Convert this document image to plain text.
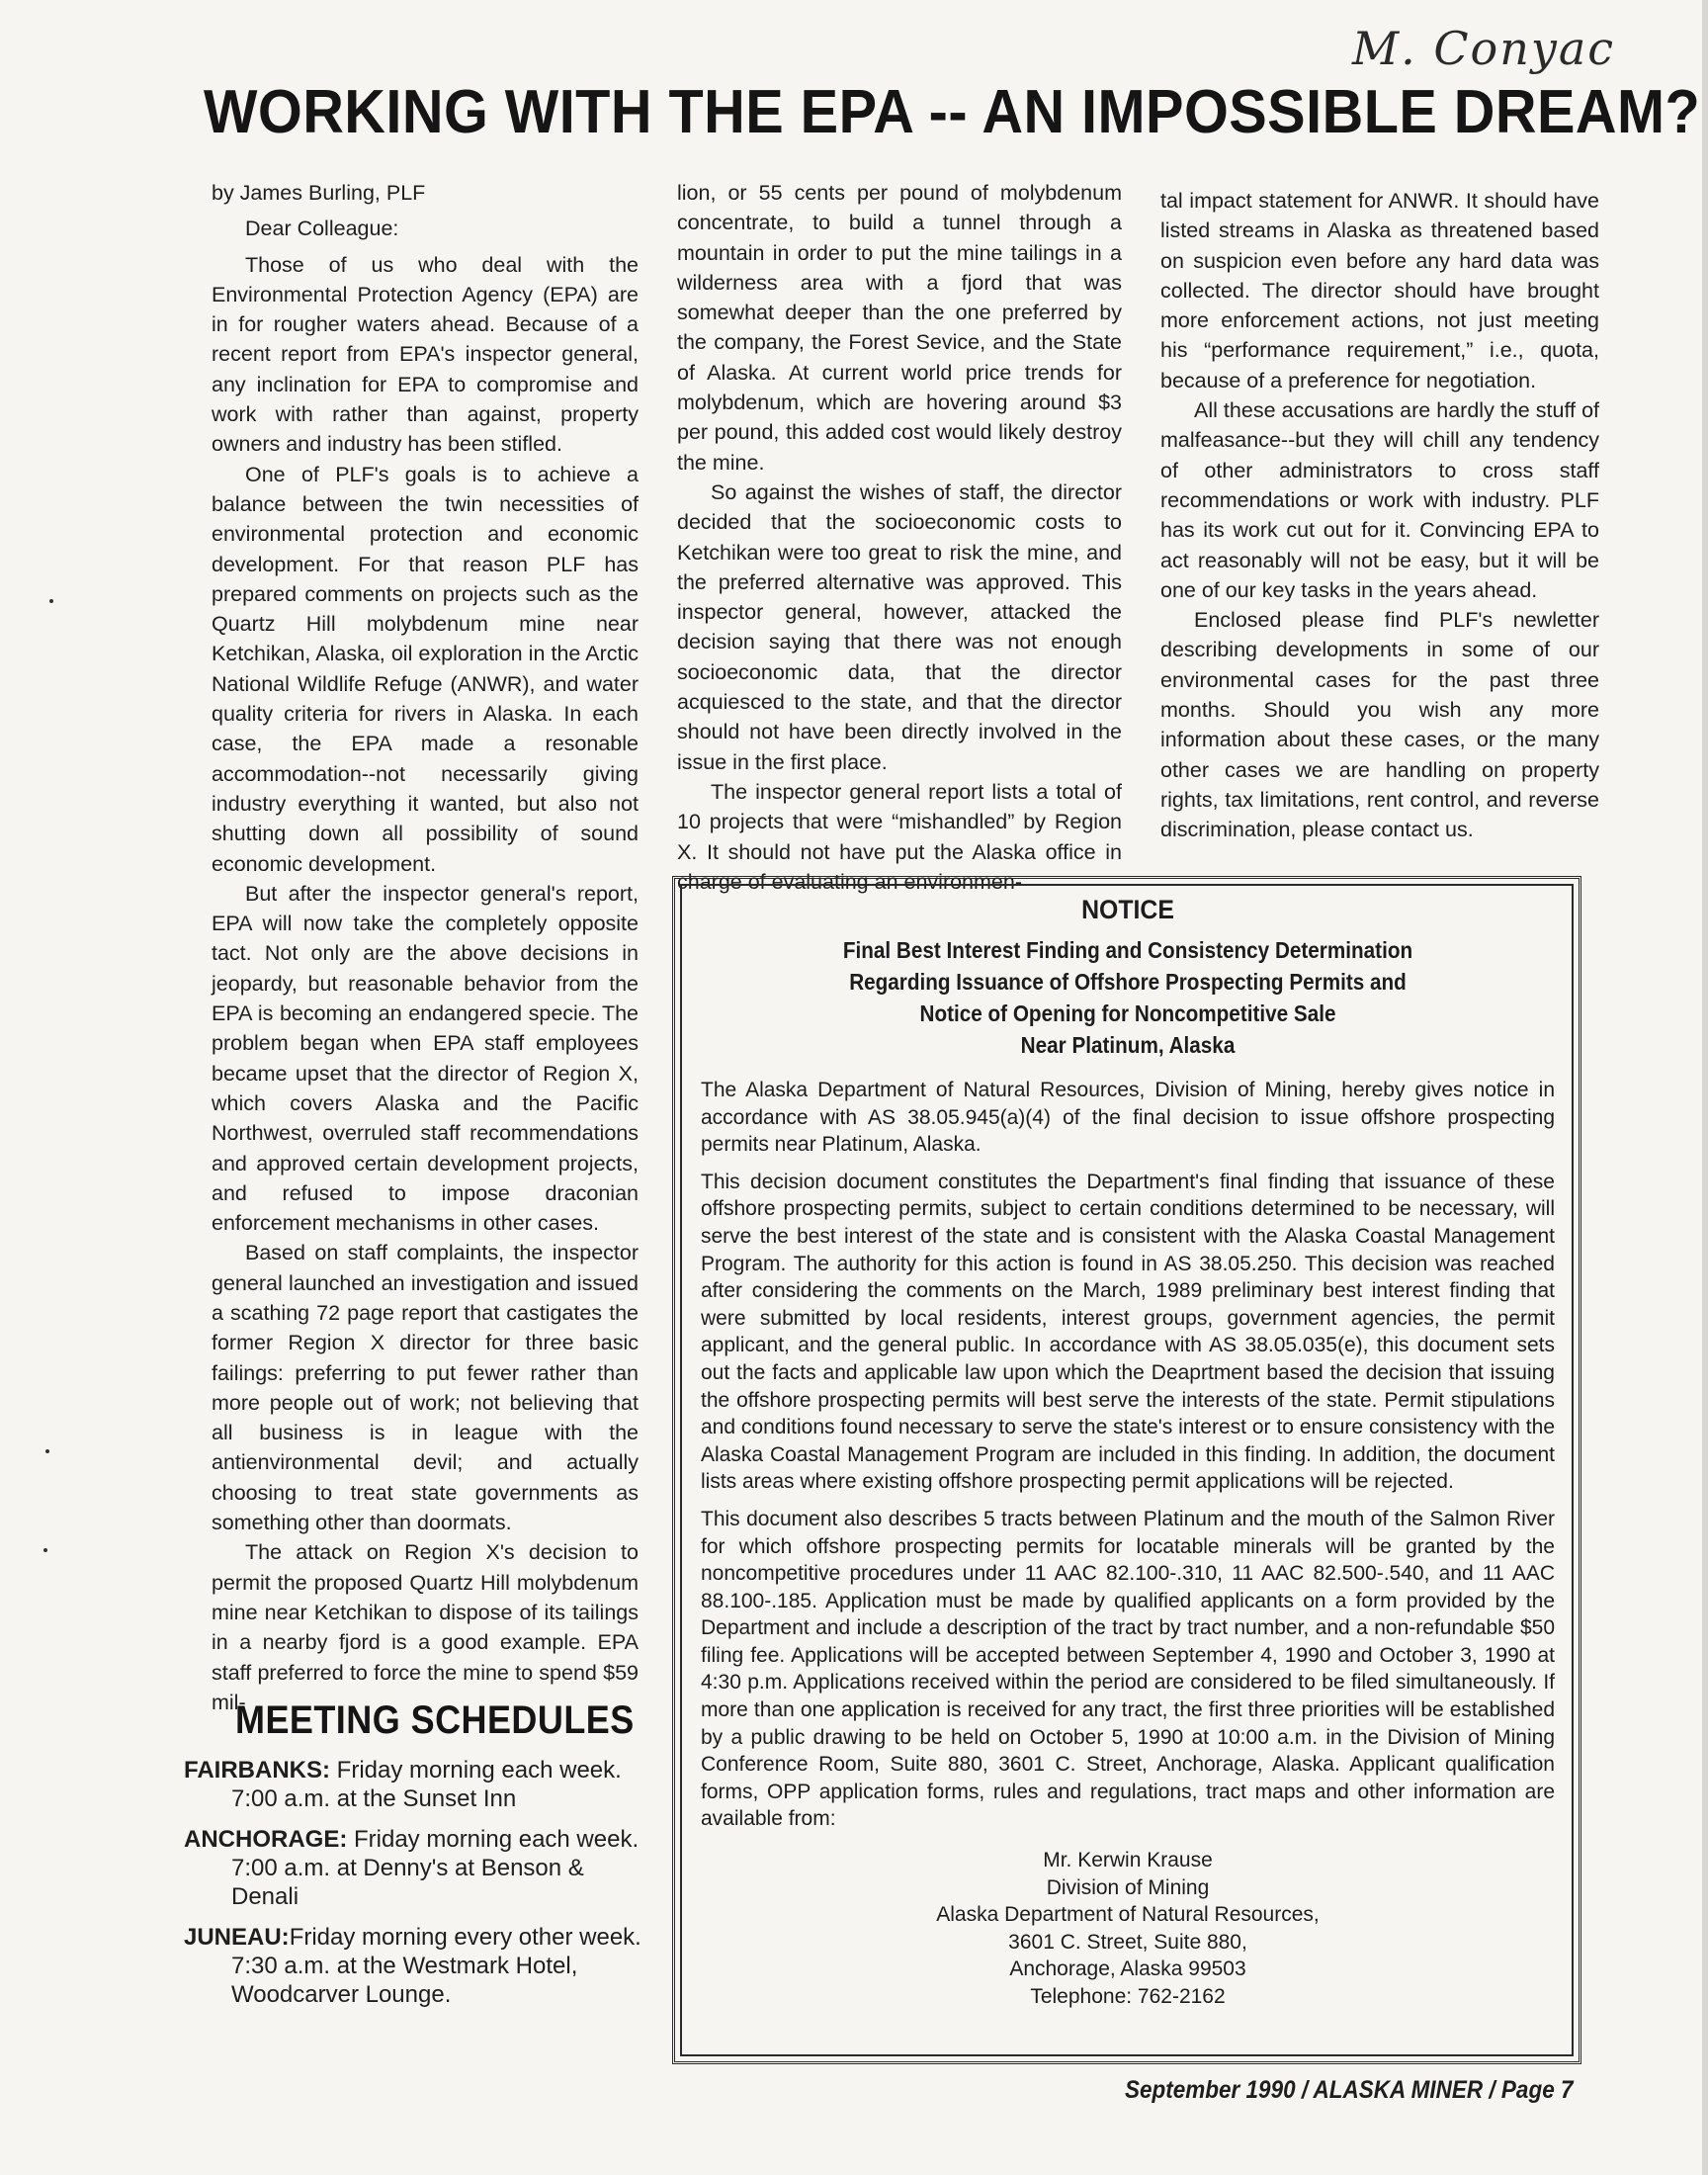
M. Conyac
WORKING WITH THE EPA -- AN IMPOSSIBLE DREAM?

by James Burling, PLF

Dear Colleague:

Those of us who deal with the Environmental Protection Agency (EPA) are in for rougher waters ahead. Because of a recent report from EPA's inspector general, any inclination for EPA to compromise and work with rather than against, property owners and industry has been stifled.

One of PLF's goals is to achieve a balance between the twin necessities of environmental protection and economic development. For that reason PLF has prepared comments on projects such as the Quartz Hill molybdenum mine near Ketchikan, Alaska, oil exploration in the Arctic National Wildlife Refuge (ANWR), and water quality criteria for rivers in Alaska. In each case, the EPA made a resonable accommodation--not necessarily giving industry everything it wanted, but also not shutting down all possibility of sound economic development.

But after the inspector general's report, EPA will now take the completely opposite tact. Not only are the above decisions in jeopardy, but reasonable behavior from the EPA is becoming an endangered specie. The problem began when EPA staff employees became upset that the director of Region X, which covers Alaska and the Pacific Northwest, overruled staff recommendations and approved certain development projects, and refused to impose draconian enforcement mechanisms in other cases.

Based on staff complaints, the inspector general launched an investigation and issued a scathing 72 page report that castigates the former Region X director for three basic failings: preferring to put fewer rather than more people out of work; not believing that all business is in league with the antienvironmental devil; and actually choosing to treat state governments as something other than doormats.

The attack on Region X's decision to permit the proposed Quartz Hill molybdenum mine near Ketchikan to dispose of its tailings in a nearby fjord is a good example. EPA staff preferred to force the mine to spend $59 mil-

lion, or 55 cents per pound of molybdenum concentrate, to build a tunnel through a mountain in order to put the mine tailings in a wilderness area with a fjord that was somewhat deeper than the one preferred by the company, the Forest Sevice, and the State of Alaska. At current world price trends for molybdenum, which are hovering around $3 per pound, this added cost would likely destroy the mine.

So against the wishes of staff, the director decided that the socioeconomic costs to Ketchikan were too great to risk the mine, and the preferred alternative was approved. This inspector general, however, attacked the decision saying that there was not enough socioeconomic data, that the director acquiesced to the state, and that the director should not have been directly involved in the issue in the first place.

The inspector general report lists a total of 10 projects that were “mishandled” by Region X. It should not have put the Alaska office in charge of evaluating an environmen-

tal impact statement for ANWR. It should have listed streams in Alaska as threatened based on suspicion even before any hard data was collected. The director should have brought more enforcement actions, not just meeting his “performance requirement,” i.e., quota, because of a preference for negotiation.

All these accusations are hardly the stuff of malfeasance--but they will chill any tendency of other administrators to cross staff recommendations or work with industry. PLF has its work cut out for it. Convincing EPA to act reasonably will not be easy, but it will be one of our key tasks in the years ahead.

Enclosed please find PLF's newletter describing developments in some of our environmental cases for the past three months. Should you wish any more information about these cases, or the many other cases we are handling on property rights, tax limitations, rent control, and reverse discrimination, please contact us.

MEETING SCHEDULES
FAIRBANKS: Friday morning each week.
7:00 a.m. at the Sunset Inn
ANCHORAGE: Friday morning each week.
7:00 a.m. at Denny's at Benson & Denali
JUNEAU:Friday morning every other week.
7:30 a.m. at the Westmark Hotel, Woodcarver Lounge.
NOTICE
Final Best Interest Finding and Consistency Determination
Regarding Issuance of Offshore Prospecting Permits and
Notice of Opening for Noncompetitive Sale
Near Platinum, Alaska

The Alaska Department of Natural Resources, Division of Mining, hereby gives notice in accordance with AS 38.05.945(a)(4) of the final decision to issue offshore prospecting permits near Platinum, Alaska.

This decision document constitutes the Department's final finding that issuance of these offshore prospecting permits, subject to certain conditions determined to be necessary, will serve the best interest of the state and is consistent with the Alaska Coastal Management Program. The authority for this action is found in AS 38.05.250. This decision was reached after considering the comments on the March, 1989 preliminary best interest finding that were submitted by local residents, interest groups, government agencies, the permit applicant, and the general public. In accordance with AS 38.05.035(e), this document sets out the facts and applicable law upon which the Deaprtment based the decision that issuing the offshore prospecting permits will best serve the interests of the state. Permit stipulations and conditions found necessary to serve the state's interest or to ensure consistency with the Alaska Coastal Management Program are included in this finding. In addition, the document lists areas where existing offshore prospecting permit applications will be rejected.

This document also describes 5 tracts between Platinum and the mouth of the Salmon River for which offshore prospecting permits for locatable minerals will be granted by the noncompetitive procedures under 11 AAC 82.100-.310, 11 AAC 82.500-.540, and 11 AAC 88.100-.185. Application must be made by qualified applicants on a form provided by the Department and include a description of the tract by tract number, and a non-refundable $50 filing fee. Applications will be accepted between September 4, 1990 and October 3, 1990 at 4:30 p.m. Applications received within the period are considered to be filed simultaneously. If more than one application is received for any tract, the first three priorities will be established by a public drawing to be held on October 5, 1990 at 10:00 a.m. in the Division of Mining Conference Room, Suite 880, 3601 C. Street, Anchorage, Alaska. Applicant qualification forms, OPP application forms, rules and regulations, tract maps and other information are available from:

Mr. Kerwin Krause
Division of Mining
Alaska Department of Natural Resources,
3601 C. Street, Suite 880,
Anchorage, Alaska 99503
Telephone: 762-2162
September 1990 / ALASKA MINER / Page 7
